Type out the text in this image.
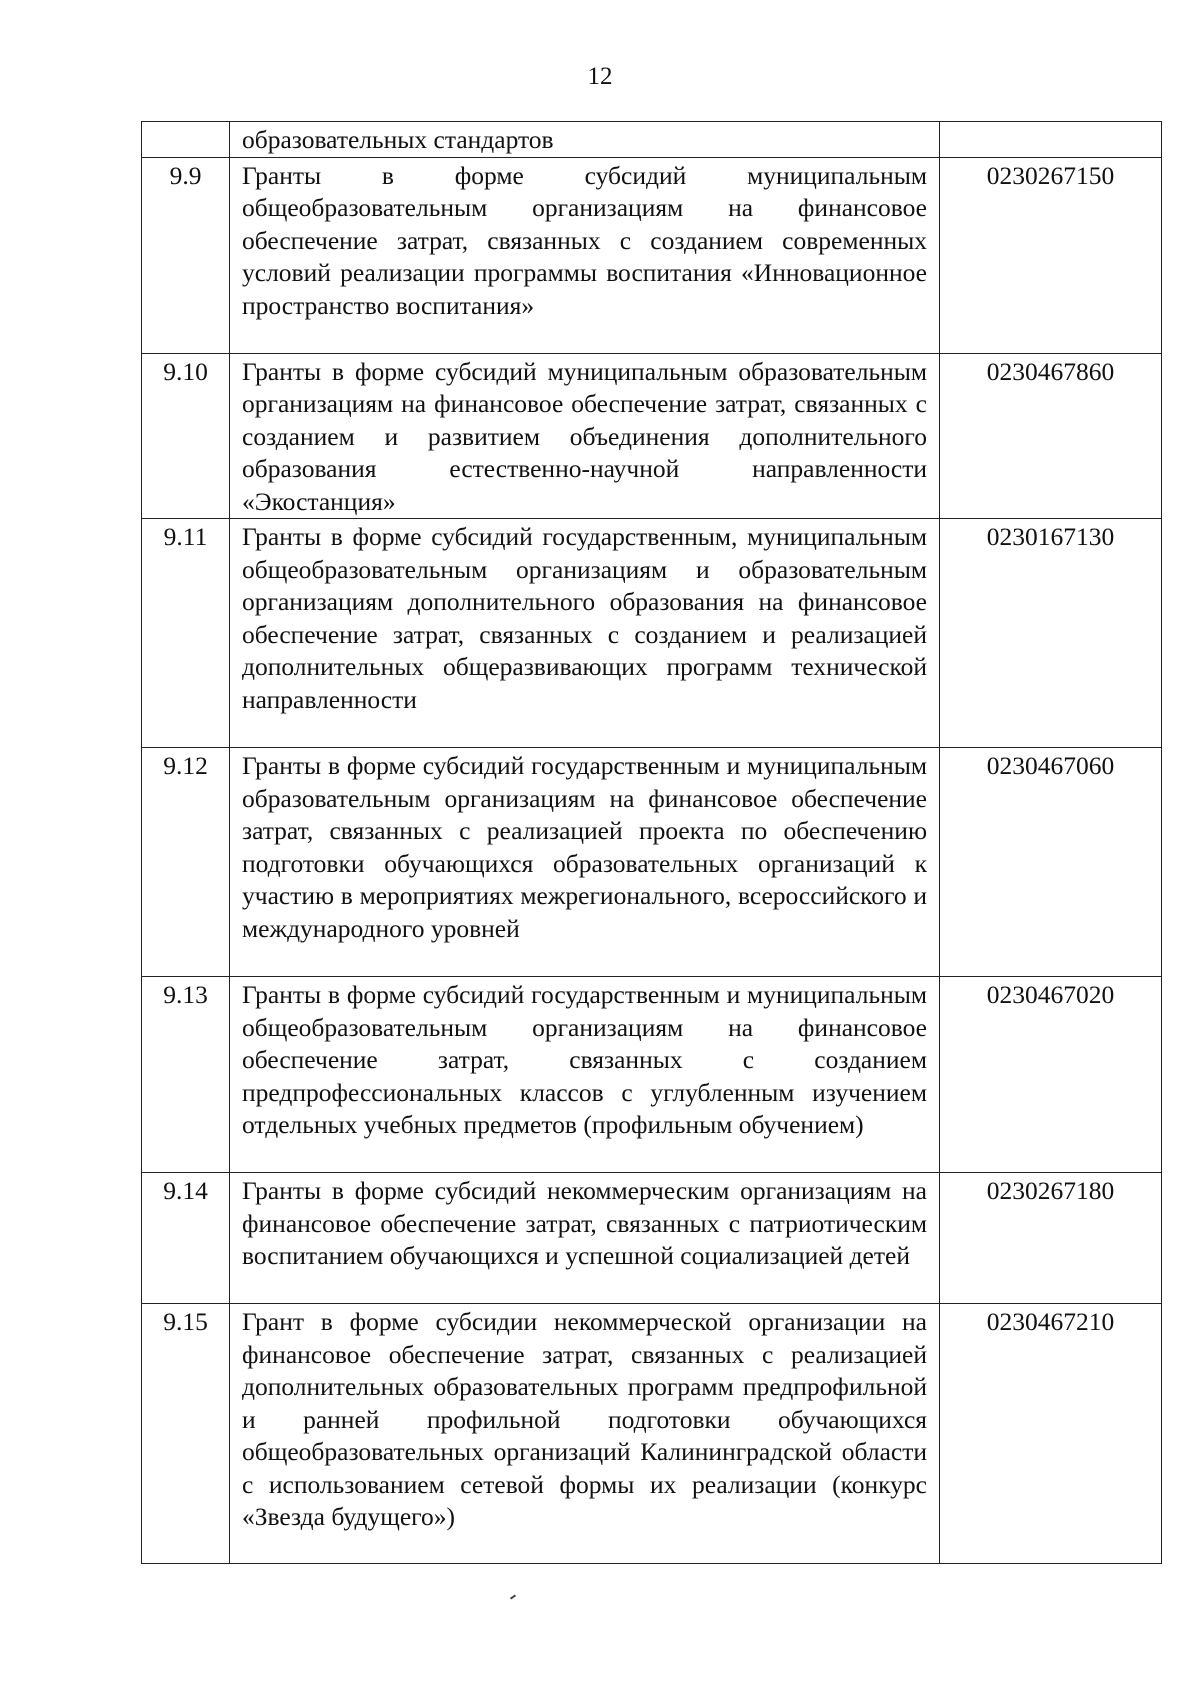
12
	образовательных стандартов	
9.9	Гранты в форме субсидий муниципальным общеобразовательным организациям на финансовое обеспечение затрат, связанных с созданием современных условий реализации программы воспитания «Инновационное пространство воспитания»	0230267150
9.10	Гранты в форме субсидий муниципальным образовательным организациям на финансовое обеспечение затрат, связанных с созданием и развитием объединения дополнительного образования естественно-научной направленности «Экостанция»	0230467860
9.11	Гранты в форме субсидий государственным, муниципальным общеобразовательным организациям и образовательным организациям дополнительного образования на финансовое обеспечение затрат, связанных с созданием и реализацией дополнительных общеразвивающих программ технической направленности	0230167130
9.12	Гранты в форме субсидий государственным и муниципальным образовательным организациям на финансовое обеспечение затрат, связанных с реализацией проекта по обеспечению подготовки обучающихся образовательных организаций к участию в мероприятиях межрегионального, всероссийского и международного уровней	0230467060
9.13	Гранты в форме субсидий государственным и муниципальным общеобразовательным организациям на финансовое обеспечение затрат, связанных с созданием предпрофессиональных классов с углубленным изучением отдельных учебных предметов (профильным обучением)	0230467020
9.14	Гранты в форме субсидий некоммерческим организациям на финансовое обеспечение затрат, связанных с патриотическим воспитанием обучающихся и успешной социализацией детей	0230267180
9.15	Грант в форме субсидии некоммерческой организации на финансовое обеспечение затрат, связанных с реализацией дополнительных образовательных программ предпрофильной и ранней профильной подготовки обучающихся общеобразовательных организаций Калининградской области с использованием сетевой формы их реализации (конкурс «Звезда будущего»)	0230467210
